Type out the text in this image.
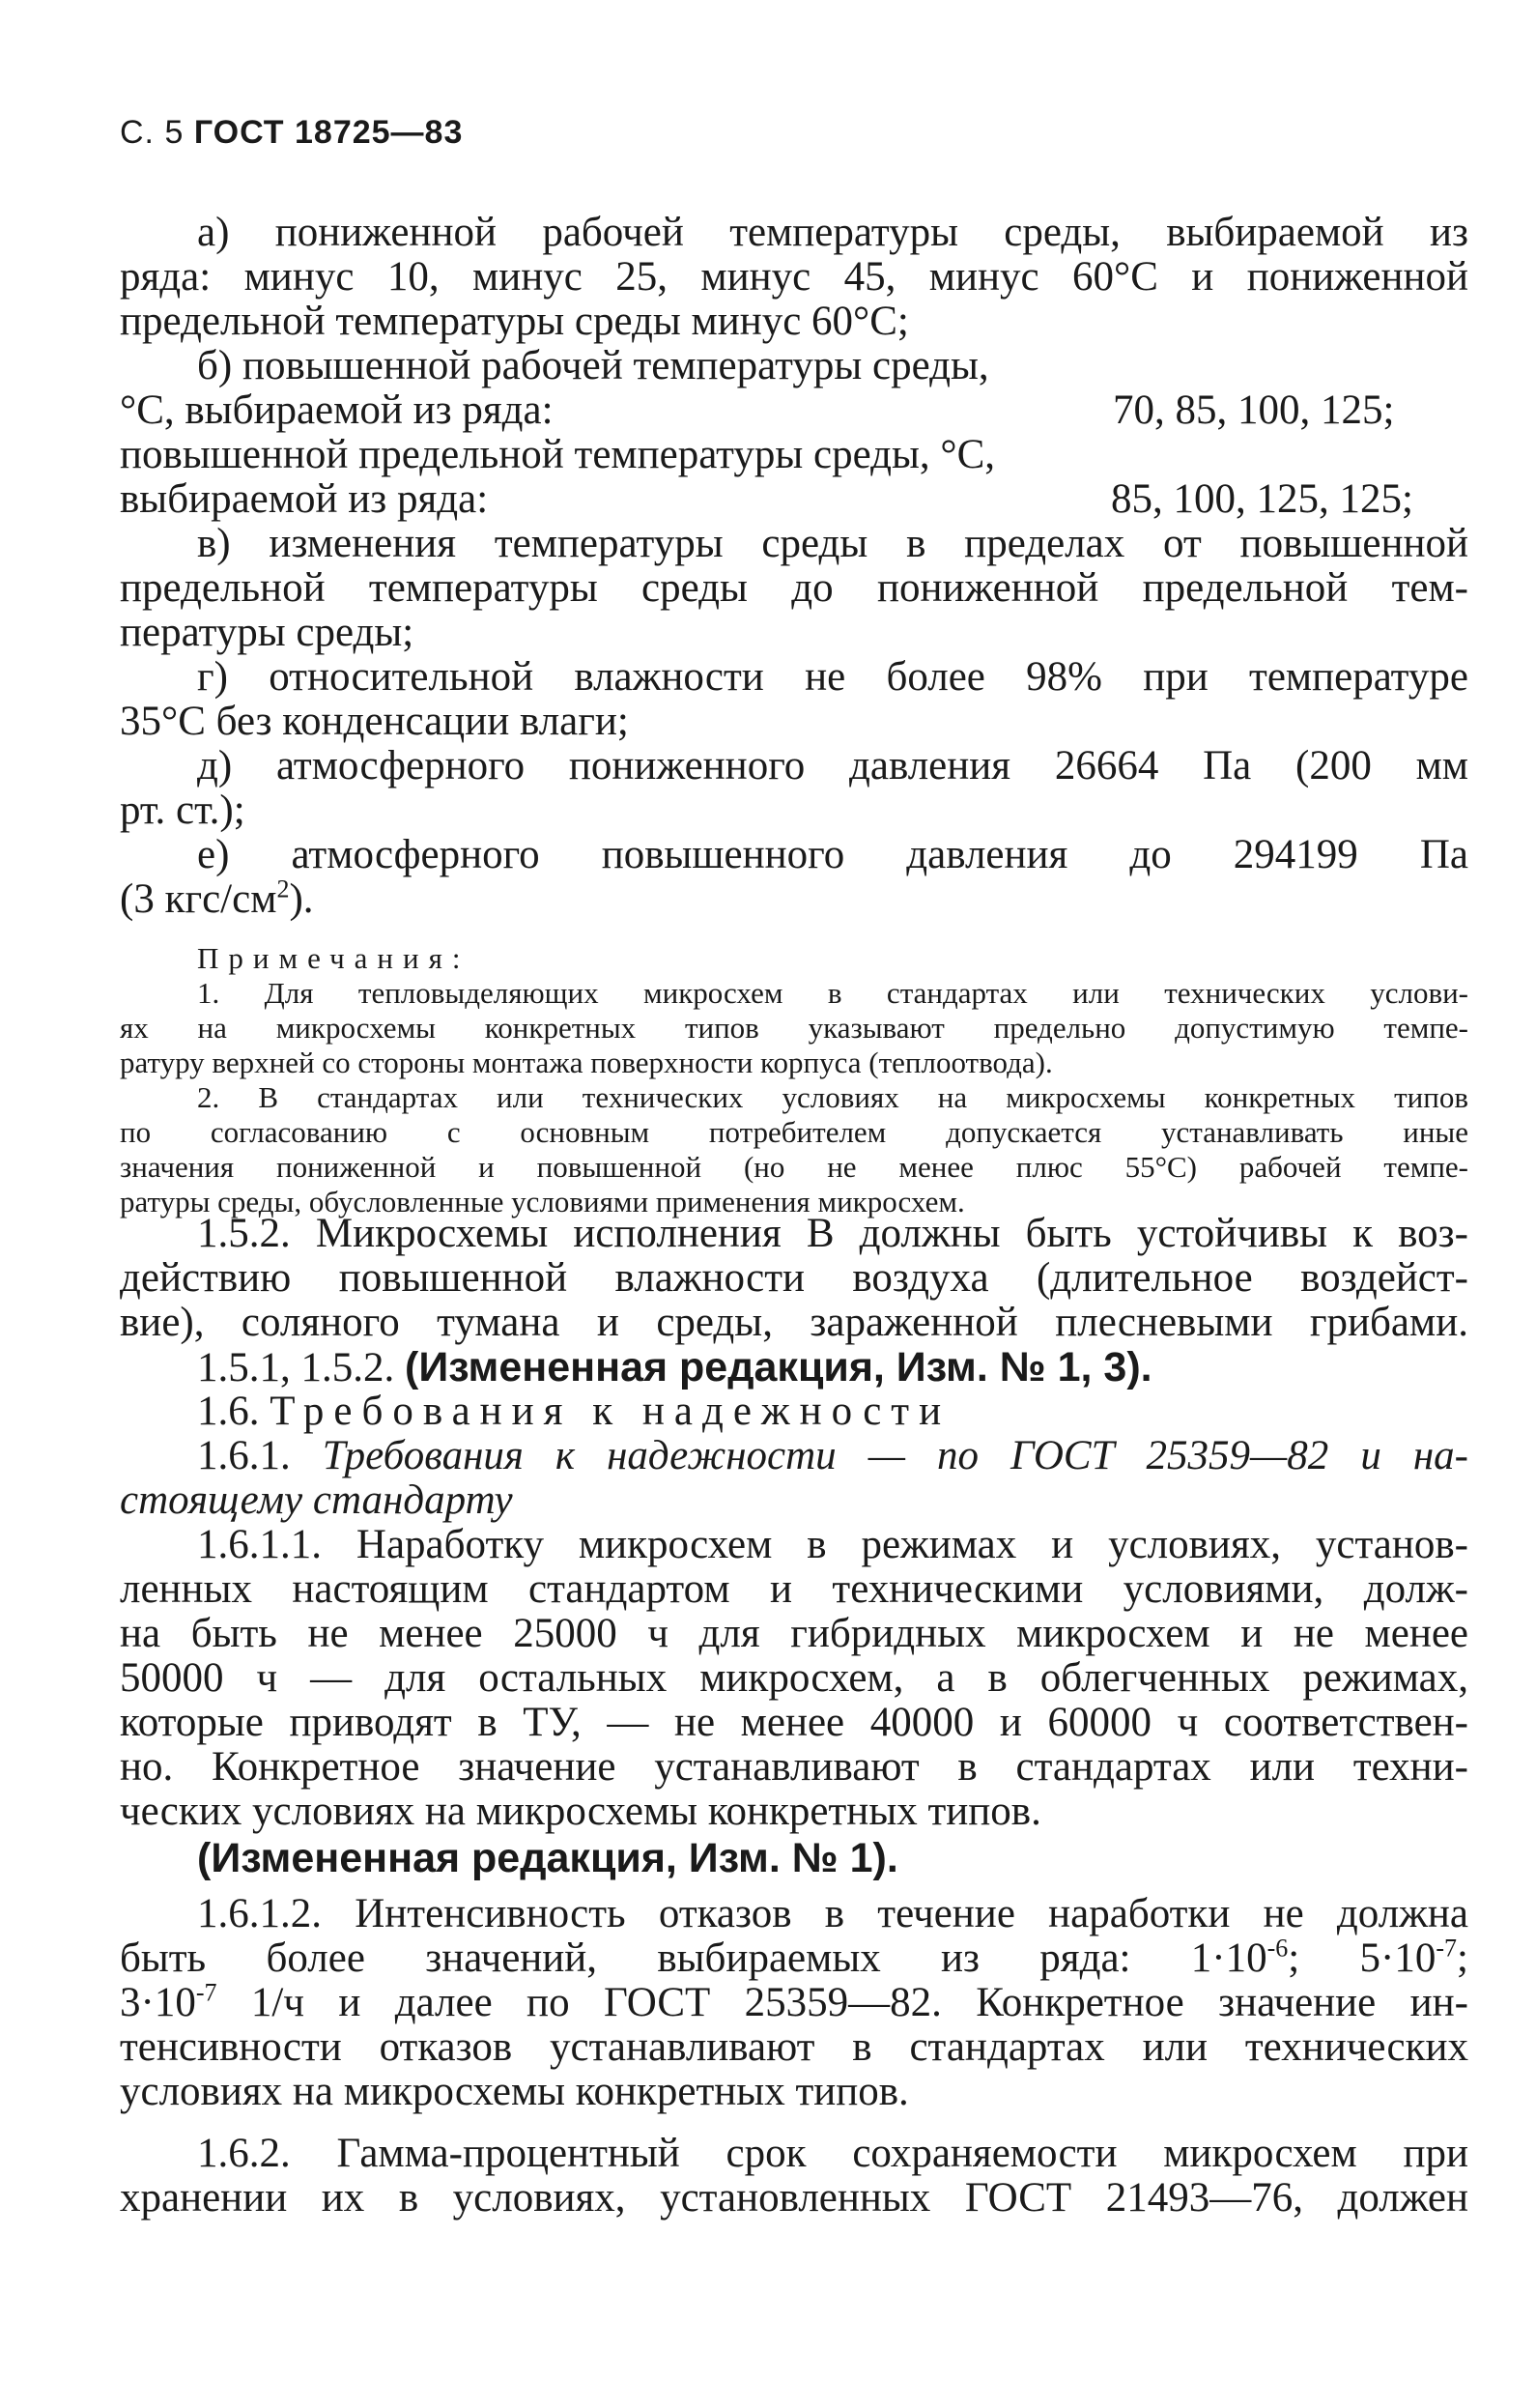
С. 5 ГОСТ 18725—83
а) пониженной рабочей температуры среды, выбираемой из
ряда: минус 10, минус 25, минус 45, минус 60°С и пониженной
предельной температуры среды минус 60°С;
б) повышенной рабочей температуры среды,
°С, выбираемой из ряда:	70, 85, 100, 125;
повышенной предельной температуры среды, °С,
выбираемой из ряда:	85, 100, 125, 125;
в) изменения температуры среды в пределах от повышенной
предельной температуры среды до пониженной предельной тем-
пературы среды;
г) относительной влажности не более 98% при температуре
35°С без конденсации влаги;
д) атмосферного пониженного давления 26664 Па (200 мм
рт. ст.);
е) атмосферного повышенного давления до 294199 Па
(3 кгс/$см^2$).
Примечания:
1. Для тепловыделяющих микросхем в стандартах или технических услови-
ях на микросхемы конкретных типов указывают предельно допустимую темпе-
ратуру верхней со стороны монтажа поверхности корпуса (теплоотвода).
2. В стандартах или технических условиях на микросхемы конкретных типов
по согласованию с основным потребителем допускается устанавливать иные
значения пониженной и повышенной (но не менее плюс 55°С) рабочей темпе-
ратуры среды, обусловленные условиями применения микросхем.
1.5.2. Микросхемы исполнения В должны быть устойчивы к воз-
действию повышенной влажности воздуха (длительное воздейст-
вие), соляного тумана и среды, зараженной плесневыми грибами.
1.5.1, 1.5.2. (Измененная редакция, Изм. № 1, 3).
1.6. Требования к надежности
1.6.1. Требования к надежности — по ГОСТ 25359—82 и на-
стоящему стандарту
1.6.1.1. Наработку микросхем в режимах и условиях, установ-
ленных настоящим стандартом и техническими условиями, долж-
на быть не менее 25000 ч для гибридных микросхем и не менее
50000 ч — для остальных микросхем, а в облегченных режимах,
которые приводят в ТУ, — не менее 40000 и 60000 ч соответствен-
но. Конкретное значение устанавливают в стандартах или техни-
ческих условиях на микросхемы конкретных типов.
(Измененная редакция, Изм. № 1).
1.6.1.2. Интенсивность отказов в течение наработки не должна
быть более значений, выбираемых из ряда: $1\cdot 10^{-6}$; $5\cdot 10^{-7}$;
$3\cdot 10^{-7}$ 1/ч и далее по ГОСТ 25359—82. Конкретное значение ин-
тенсивности отказов устанавливают в стандартах или технических
условиях на микросхемы конкретных типов.
1.6.2. Гамма-процентный срок сохраняемости микросхем при
хранении их в условиях, установленных ГОСТ 21493—76, должен
